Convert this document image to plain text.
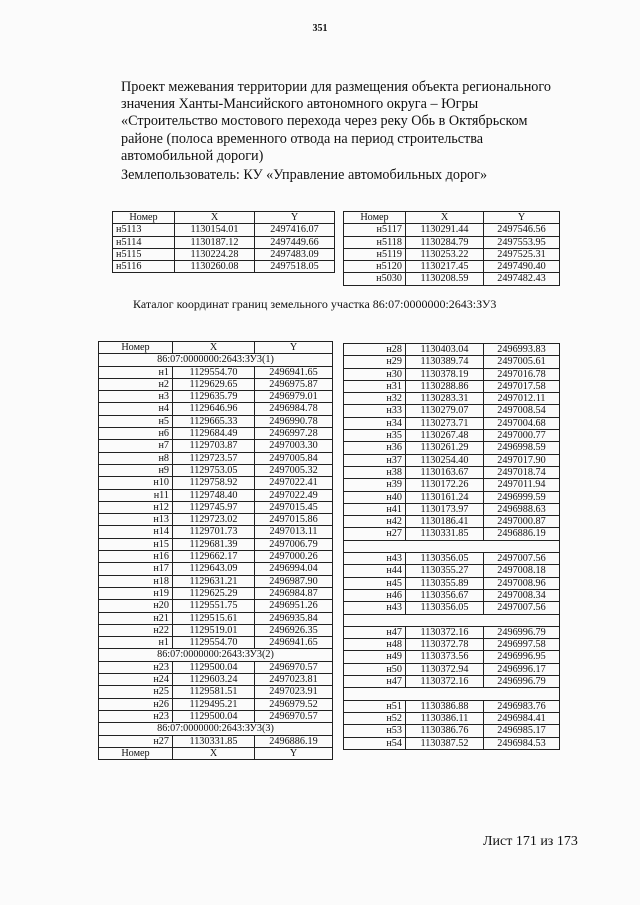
351
Проект межевания территории для размещения объекта регионального
значения Ханты-Мансийского автономного округа – Югры
«Строительство мостового перехода через реку Обь в Октябрьском
районе (полоса временного отвода на период строительства
автомобильной дороги)
Землепользователь: КУ «Управление автомобильных дорог»
Номер	X	Y
н5113	1130154.01	2497416.07
н5114	1130187.12	2497449.66
н5115	1130224.28	2497483.09
н5116	1130260.08	2497518.05
Номер	X	Y
н5117	1130291.44	2497546.56
н5118	1130284.79	2497553.95
н5119	1130253.22	2497525.31
н5120	1130217.45	2497490.40
н5030	1130208.59	2497482.43
Каталог координат границ земельного участка 86:07:0000000:2643:ЗУ3
Номер	X	Y
86:07:0000000:2643:ЗУ3(1)		
н1	1129554.70	2496941.65
н2	1129629.65	2496975.87
н3	1129635.79	2496979.01
н4	1129646.96	2496984.78
н5	1129665.33	2496990.78
н6	1129684.49	2496997.28
н7	1129703.87	2497003.30
н8	1129723.57	2497005.84
н9	1129753.05	2497005.32
н10	1129758.92	2497022.41
н11	1129748.40	2497022.49
н12	1129745.97	2497015.45
н13	1129723.02	2497015.86
н14	1129701.73	2497013.11
н15	1129681.39	2497006.79
н16	1129662.17	2497000.26
н17	1129643.09	2496994.04
н18	1129631.21	2496987.90
н19	1129625.29	2496984.87
н20	1129551.75	2496951.26
н21	1129515.61	2496935.84
н22	1129519.01	2496926.35
н1	1129554.70	2496941.65
86:07:0000000:2643:ЗУ3(2)		
н23	1129500.04	2496970.57
н24	1129603.24	2497023.81
н25	1129581.51	2497023.91
н26	1129495.21	2496979.52
н23	1129500.04	2496970.57
86:07:0000000:2643:ЗУ3(3)		
н27	1130331.85	2496886.19
Номер	X	Y
н28	1130403.04	2496993.83
н29	1130389.74	2497005.61
н30	1130378.19	2497016.78
н31	1130288.86	2497017.58
н32	1130283.31	2497012.11
н33	1130279.07	2497008.54
н34	1130273.71	2497004.68
н35	1130267.48	2497000.77
н36	1130261.29	2496998.59
н37	1130254.40	2497017.90
н38	1130163.67	2497018.74
н39	1130172.26	2497011.94
н40	1130161.24	2496999.59
н41	1130173.97	2496988.63
н42	1130186.41	2497000.87
н27	1130331.85	2496886.19

н43	1130356.05	2497007.56
н44	1130355.27	2497008.18
н45	1130355.89	2497008.96
н46	1130356.67	2497008.34
н43	1130356.05	2497007.56

н47	1130372.16	2496996.79
н48	1130372.78	2496997.58
н49	1130373.56	2496996.95
н50	1130372.94	2496996.17
н47	1130372.16	2496996.79

н51	1130386.88	2496983.76
н52	1130386.11	2496984.41
н53	1130386.76	2496985.17
н54	1130387.52	2496984.53
Лист 171 из 173
